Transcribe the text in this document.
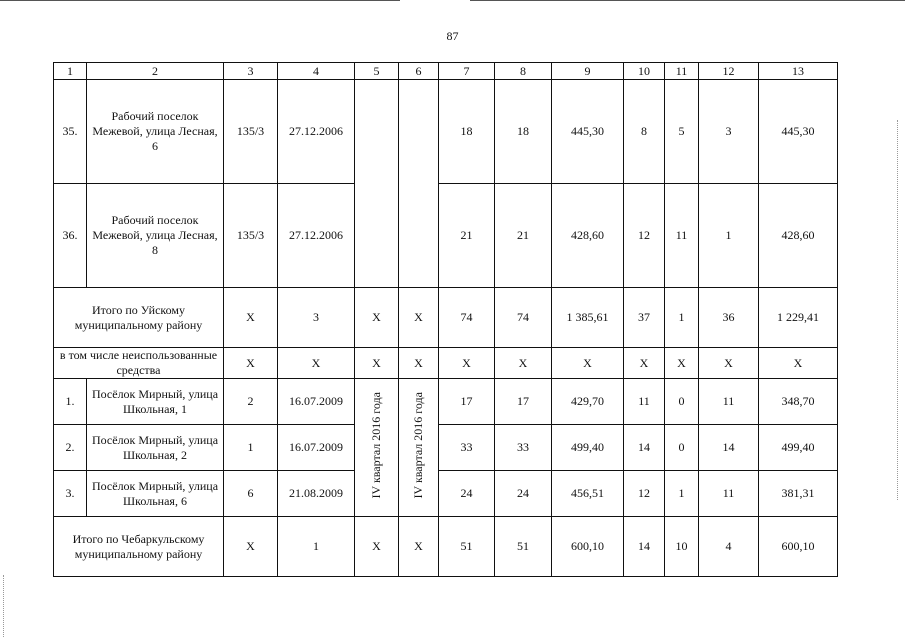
87
1	2	3	4	5	6	7	8	9	10	11	12	13
35.	Рабочий поселок Межевой, улица Лесная, 6	135/3	27.12.2006			18	18	445,30	8	5	3	445,30
36.	Рабочий поселок Межевой, улица Лесная, 8	135/3	27.12.2006			21	21	428,60	12	11	1	428,60
Итого по Уйскому муниципальному району		Х	3	Х	Х	74	74	1 385,61	37	1	36	1 229,41
в том числе неиспользованные средства		Х	Х	Х	Х	Х	Х	Х	Х	Х	Х	Х
1.	Посёлок Мирный, улица Школьная, 1	2	16.07.2009	IV квартал 2016 года	IV квартал 2016 года	17	17	429,70	11	0	11	348,70
2.	Посёлок Мирный, улица Школьная, 2	1	16.07.2009			33	33	499,40	14	0	14	499,40
3.	Посёлок Мирный, улица Школьная, 6	6	21.08.2009			24	24	456,51	12	1	11	381,31
Итого по Чебаркульскому муниципальному району		Х	1	Х	Х	51	51	600,10	14	10	4	600,10
